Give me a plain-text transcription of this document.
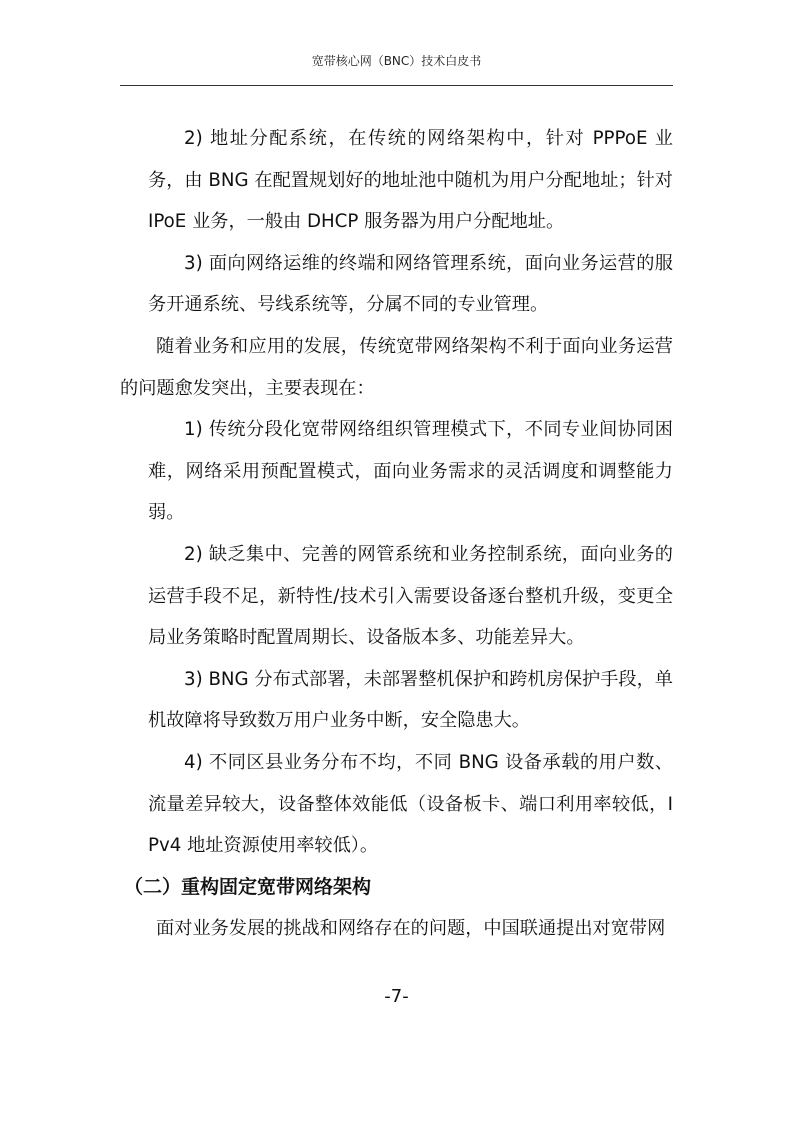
宽带核心网（BNC）技术白皮书

2) 地址分配系统，在传统的网络架构中，针对 PPPoE 业务，由 BNG 在配置规划好的地址池中随机为用户分配地址；针对 IPoE 业务，一般由 DHCP 服务器为用户分配地址。

3) 面向网络运维的终端和网络管理系统，面向业务运营的服务开通系统、号线系统等，分属不同的专业管理。

随着业务和应用的发展，传统宽带网络架构不利于面向业务运营的问题愈发突出，主要表现在：

1) 传统分段化宽带网络组织管理模式下，不同专业间协同困难，网络采用预配置模式，面向业务需求的灵活调度和调整能力弱。

2) 缺乏集中、完善的网管系统和业务控制系统，面向业务的运营手段不足，新特性/技术引入需要设备逐台整机升级，变更全局业务策略时配置周期长、设备版本多、功能差异大。

3) BNG 分布式部署，未部署整机保护和跨机房保护手段，单机故障将导致数万用户业务中断，安全隐患大。

4) 不同区县业务分布不均，不同 BNG 设备承载的用户数、流量差异较大，设备整体效能低（设备板卡、端口利用率较低，IPv4 地址资源使用率较低）。

（二）重构固定宽带网络架构

面对业务发展的挑战和网络存在的问题，中国联通提出对宽带网

-7-
